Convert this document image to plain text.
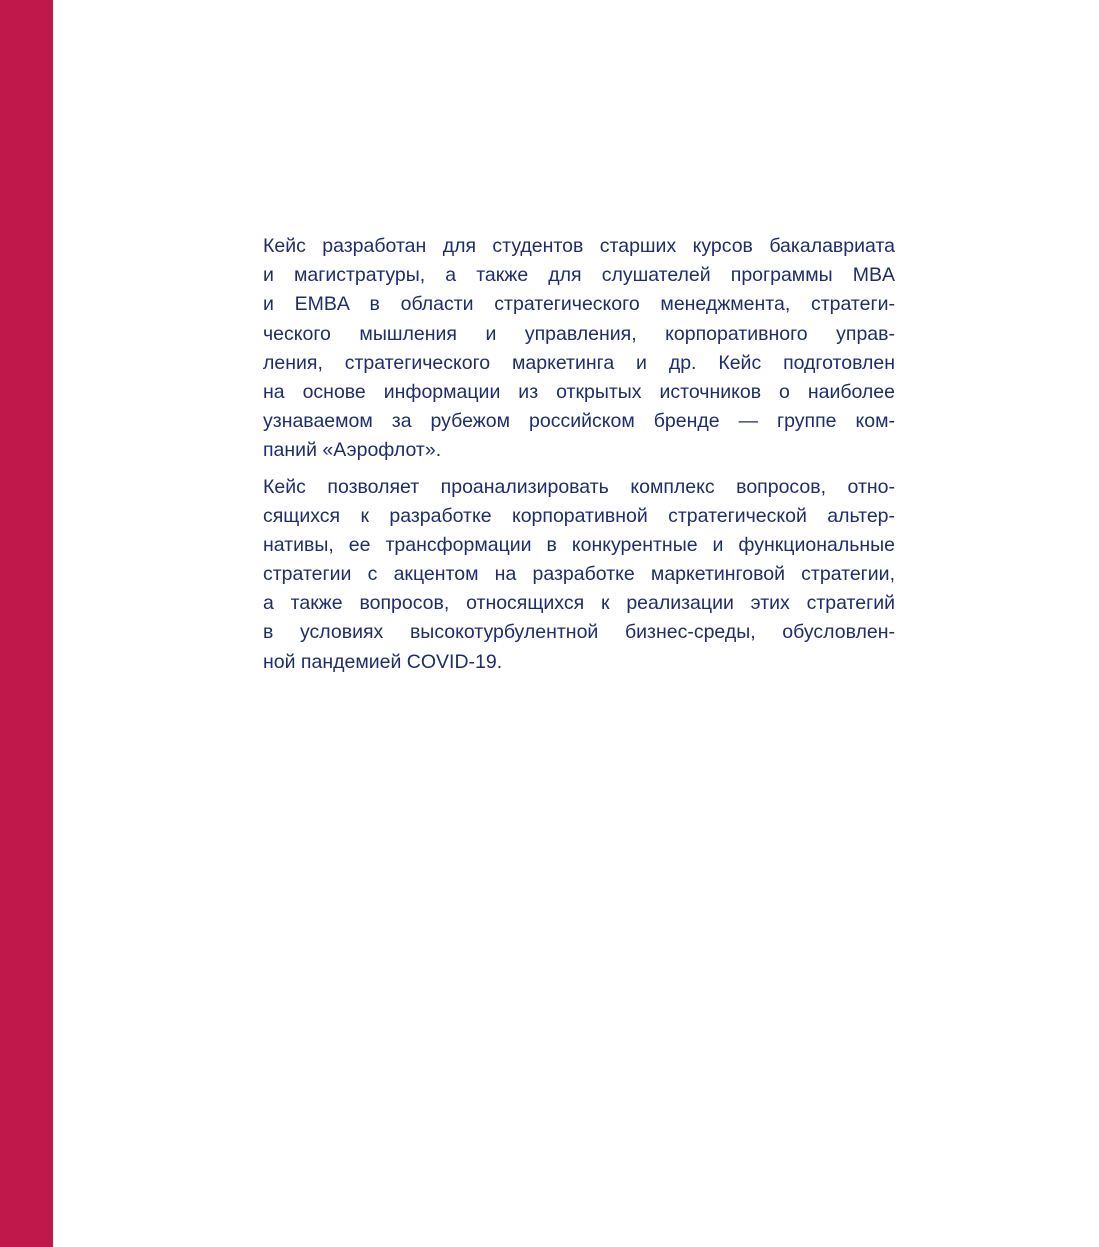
Кейс разработан для студентов старших курсов бакалавриата
и магистратуры, а также для слушателей программы MBA
и EMBA в области стратегического менеджмента, стратеги-
ческого мышления и управления, корпоративного управ-
ления, стратегического маркетинга и др. Кейс подготовлен
на основе информации из открытых источников о наиболее
узнаваемом за рубежом российском бренде — группе ком-
паний «Аэрофлот».

Кейс позволяет проанализировать комплекс вопросов, отно-
сящихся к разработке корпоративной стратегической альтер-
нативы, ее трансформации в конкурентные и функциональные
стратегии с акцентом на разработке маркетинговой стратегии,
а также вопросов, относящихся к реализации этих стратегий
в условиях высокотурбулентной бизнес-среды, обусловлен-
ной пандемией COVID-19.
